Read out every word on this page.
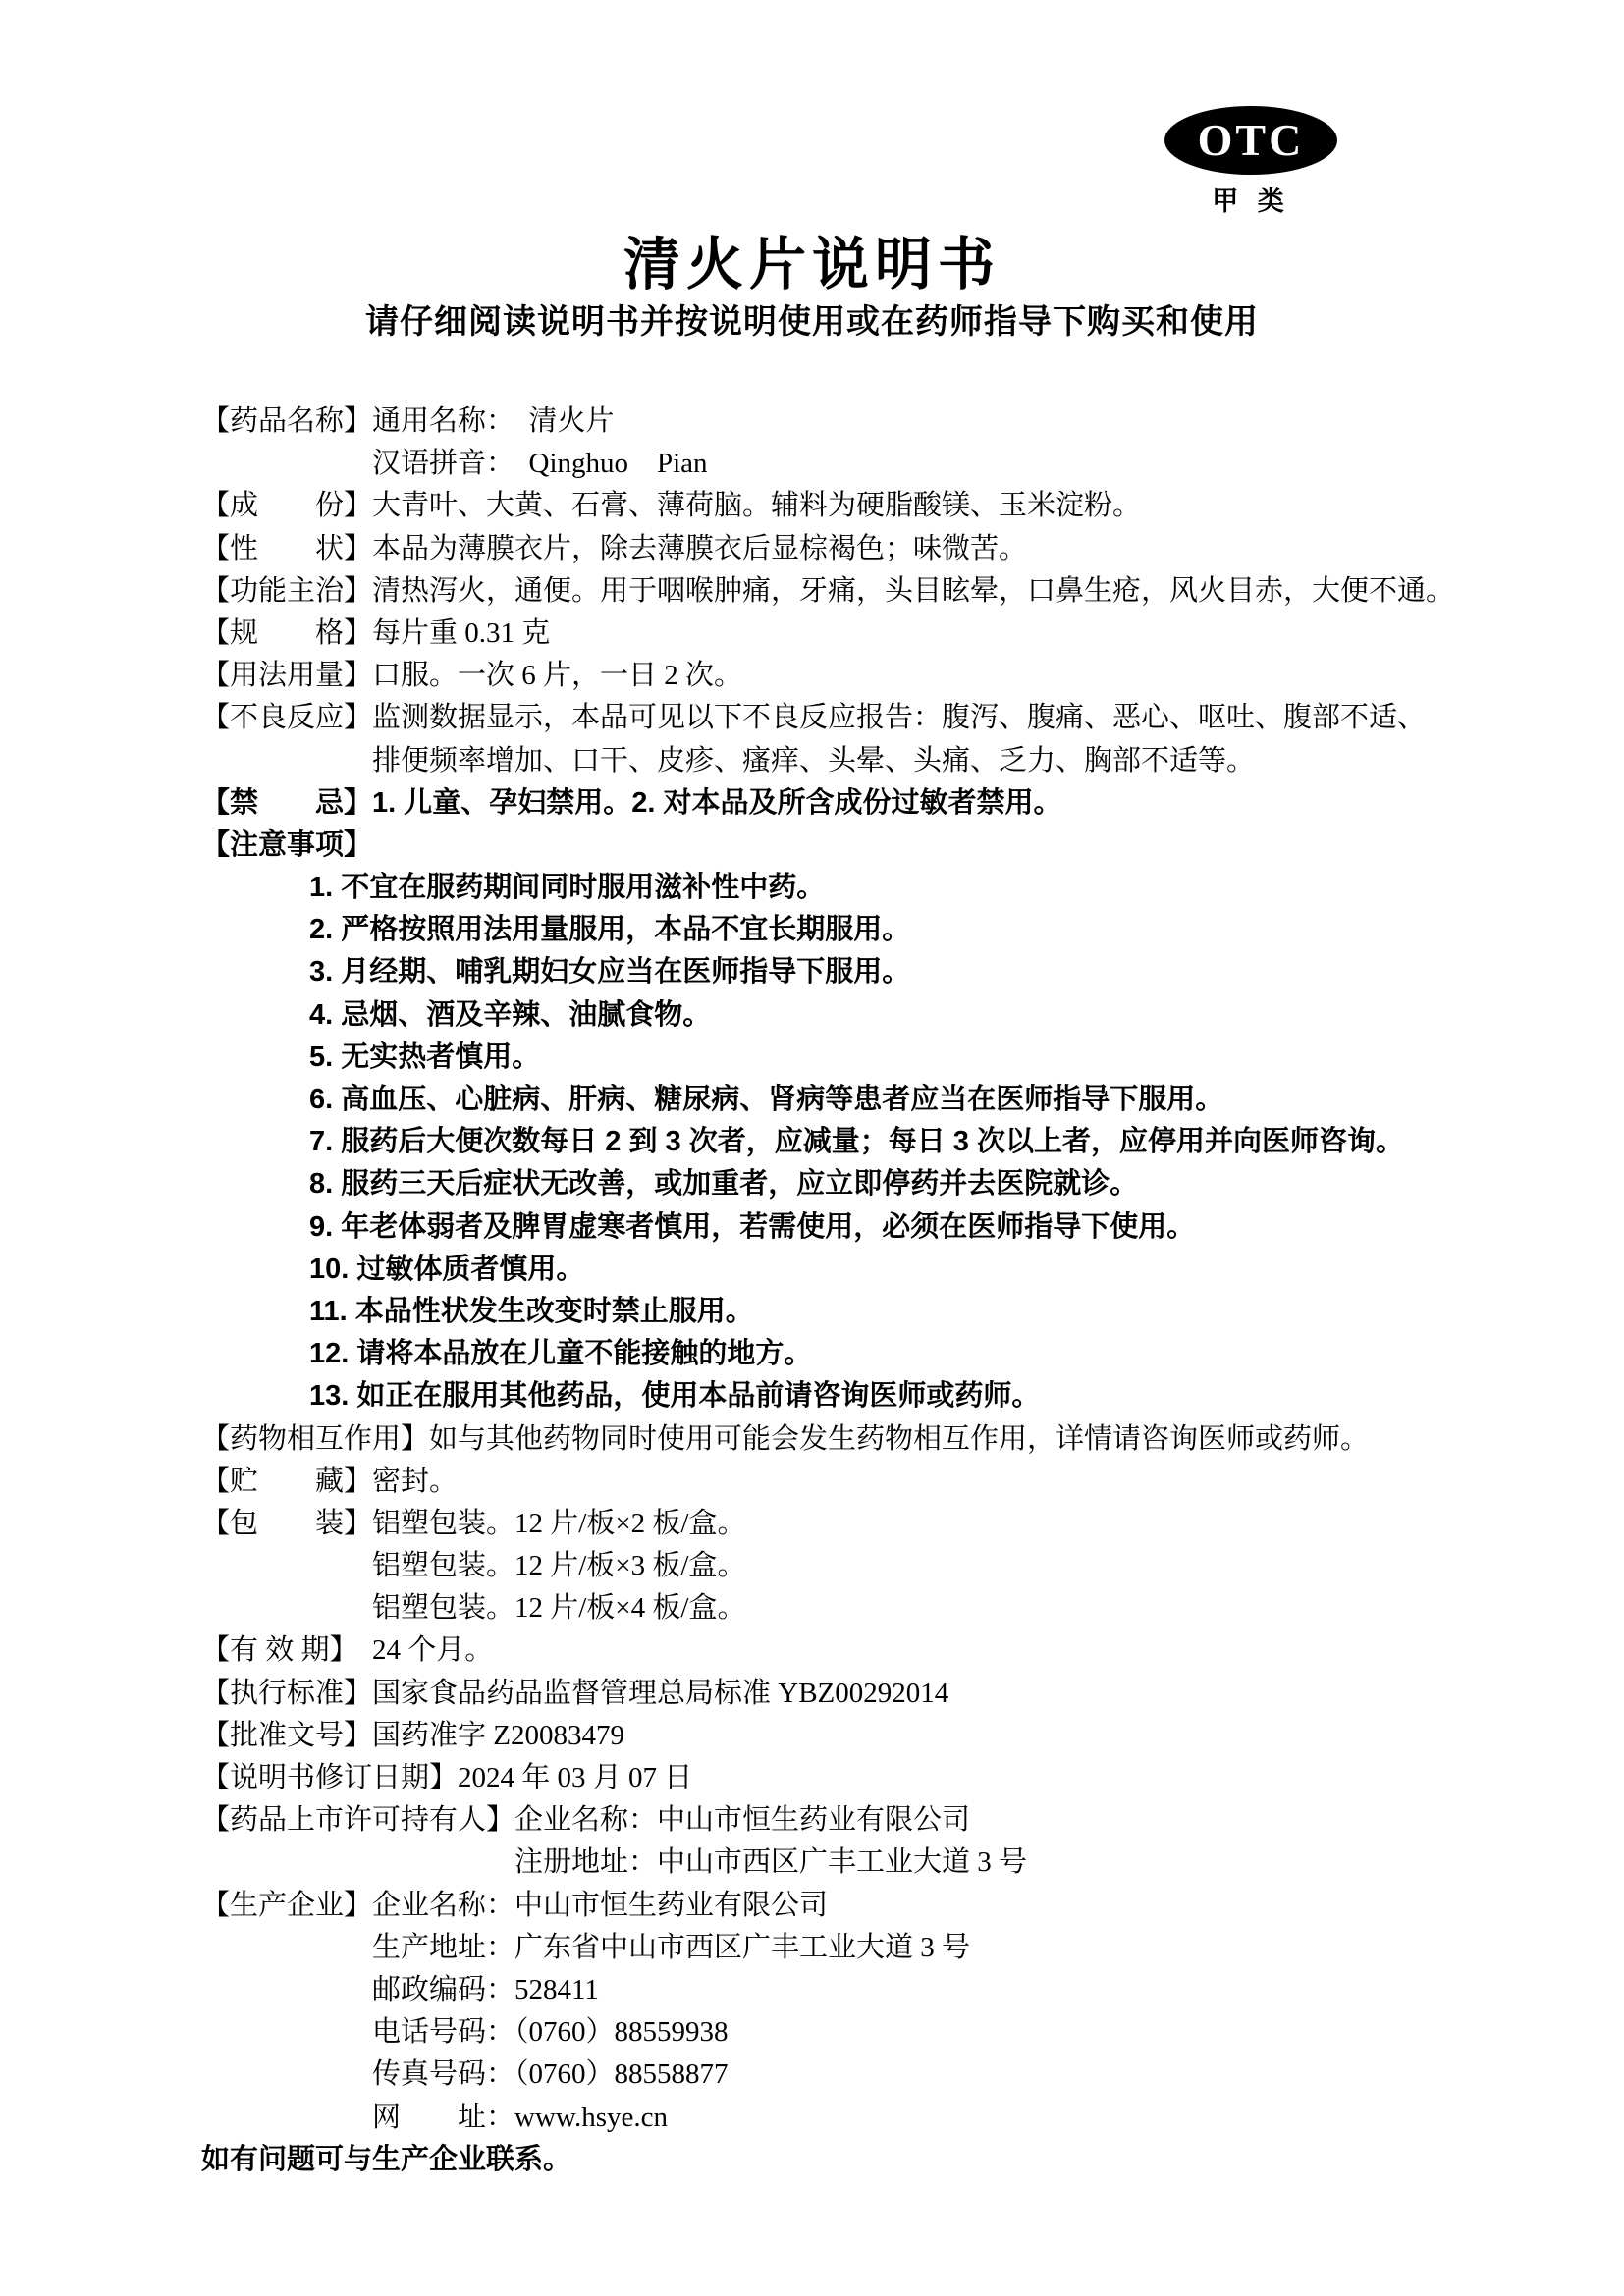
OTC
甲 类
清火片说明书
请仔细阅读说明书并按说明使用或在药师指导下购买和使用
【药品名称】通用名称：　清火片
汉语拼音：　Qinghuo　Pian
【成　　份】大青叶、大黄、石膏、薄荷脑。辅料为硬脂酸镁、玉米淀粉。
【性　　状】本品为薄膜衣片，除去薄膜衣后显棕褐色；味微苦。
【功能主治】清热泻火，通便。用于咽喉肿痛，牙痛，头目眩晕，口鼻生疮，风火目赤，大便不通。
【规　　格】每片重 0.31 克
【用法用量】口服。一次 6 片，一日 2 次。
【不良反应】监测数据显示，本品可见以下不良反应报告：腹泻、腹痛、恶心、呕吐、腹部不适、
排便频率增加、口干、皮疹、瘙痒、头晕、头痛、乏力、胸部不适等。
【禁　　忌】1. 儿童、孕妇禁用。2. 对本品及所含成份过敏者禁用。
【注意事项】
1. 不宜在服药期间同时服用滋补性中药。
2. 严格按照用法用量服用，本品不宜长期服用。
3. 月经期、哺乳期妇女应当在医师指导下服用。
4. 忌烟、酒及辛辣、油腻食物。
5. 无实热者慎用。
6. 高血压、心脏病、肝病、糖尿病、肾病等患者应当在医师指导下服用。
7. 服药后大便次数每日 2 到 3 次者，应减量；每日 3 次以上者，应停用并向医师咨询。
8. 服药三天后症状无改善，或加重者，应立即停药并去医院就诊。
9. 年老体弱者及脾胃虚寒者慎用，若需使用，必须在医师指导下使用。
10. 过敏体质者慎用。
11. 本品性状发生改变时禁止服用。
12. 请将本品放在儿童不能接触的地方。
13. 如正在服用其他药品，使用本品前请咨询医师或药师。
【药物相互作用】如与其他药物同时使用可能会发生药物相互作用，详情请咨询医师或药师。
【贮　　藏】密封。
【包　　装】铝塑包装。12 片/板×2 板/盒。
铝塑包装。12 片/板×3 板/盒。
铝塑包装。12 片/板×4 板/盒。
【有 效 期】 24 个月。
【执行标准】国家食品药品监督管理总局标准 YBZ00292014
【批准文号】国药准字 Z20083479
【说明书修订日期】2024 年 03 月 07 日
【药品上市许可持有人】企业名称：中山市恒生药业有限公司
注册地址：中山市西区广丰工业大道 3 号
【生产企业】企业名称：中山市恒生药业有限公司
生产地址：广东省中山市西区广丰工业大道 3 号
邮政编码：528411
电话号码：（0760）88559938
传真号码：（0760）88558877
网　　址：www.hsye.cn
如有问题可与生产企业联系。
